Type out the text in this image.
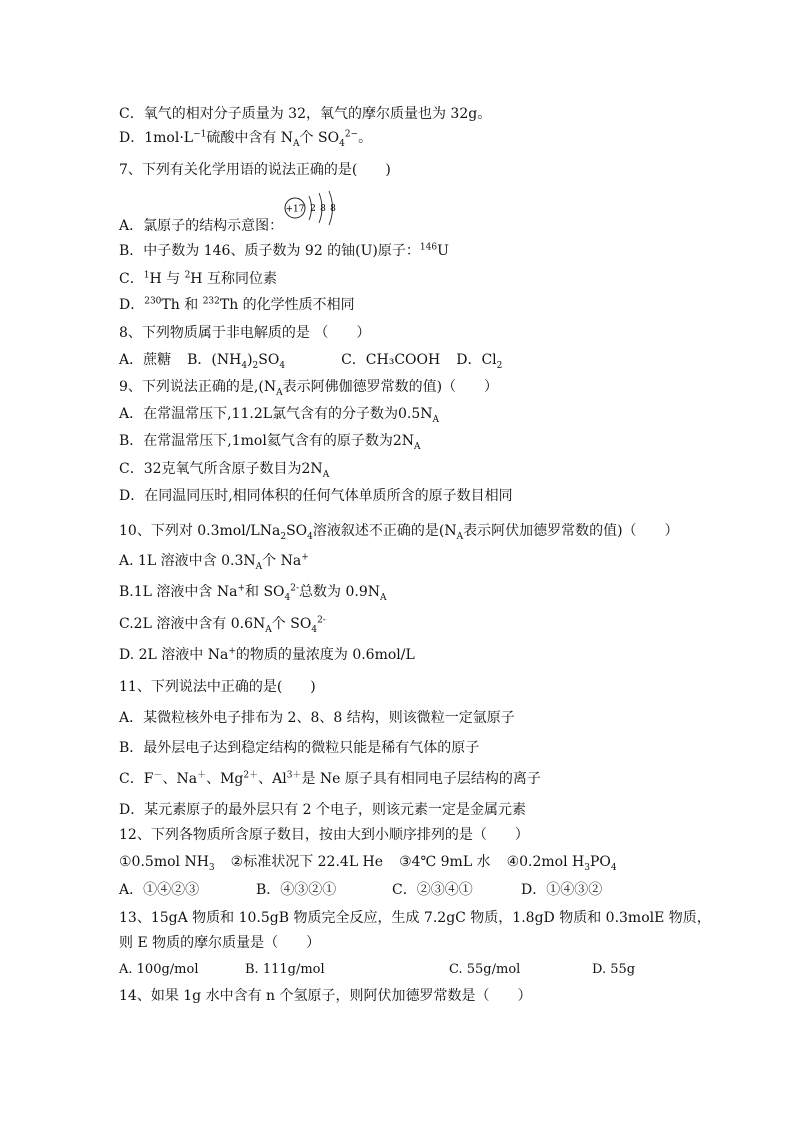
C．氧气的相对分子质量为 32，氧气的摩尔质量也为 32g。
D．$1mol\cdot L^{-1}$硫酸中含有 $N_A$个 $SO_4^{2-}$。
7、下列有关化学用语的说法正确的是(　　)
+17 2 8 8
A．氯原子的结构示意图：
B．中子数为 146、质子数为 92 的铀(U)原子：$^{146}$U
C．$^1$H 与 $^2$H 互称同位素
D．$^{230}$Th 和 $^{232}$Th 的化学性质不相同
8、下列物质属于非电解质的是 （　　）
A．蔗糖 B．$(NH_4)_2SO_4$	C．CH₃COOH D．$Cl_2$
9、下列说法正确的是$,(N_A$表示阿佛伽德罗常数的值)（　　）
A．在常温常压下,11.2L氯气含有的分子数为$0.5N_A$
B．在常温常压下,1mol氦气含有的原子数为$2N_A$
C．32克氧气所含原子数目为$2N_A$
D．在同温同压时,相同体积的任何气体单质所含的原子数目相同
10、下列对 $0.3mol/LNa_2SO_4$溶液叙述不正确的是($N_A$表示阿伏加德罗常数的值)（　　）
A. 1L 溶液中含 $0.3N_A$个 Na+
B.1L 溶液中含 Na+和 $SO_4^{2-}$总数为 $0.9N_A$
C.2L 溶液中含有 $0.6N_A$个 $SO_4^{2-}$
D. 2L 溶液中 Na+的物质的量浓度为 0.6mol/L
11、下列说法中正确的是(　　)
A．某微粒核外电子排布为 2、8、8 结构，则该微粒一定氩原子
B．最外层电子达到稳定结构的微粒只能是稀有气体的原子
C．F－、Na＋、$Mg^{2+}$、$Al^{3+}$是 Ne 原子具有相同电子层结构的离子
D．某元素原子的最外层只有 2 个电子，则该元素一定是金属元素
12、下列各物质所含原子数目，按由大到小顺序排列的是（　　）
①0.5mol $NH_3$ ②标准状况下 22.4L He ③4℃ 9mL 水 ④0.2mol $H_3PO_4$
A．①④②③	B．④③②①	C．②③④①	D．①④③②
13、15gA 物质和 10.5gB 物质完全反应，生成 7.2gC 物质，1.8gD 物质和 0.3molE 物质，
则 E 物质的摩尔质量是（　　）
A. 100g/mol	B. 111g/mol	C. 55g/mol	D. 55g
14、如果 1g 水中含有 n 个氢原子，则阿伏加德罗常数是（　　）
